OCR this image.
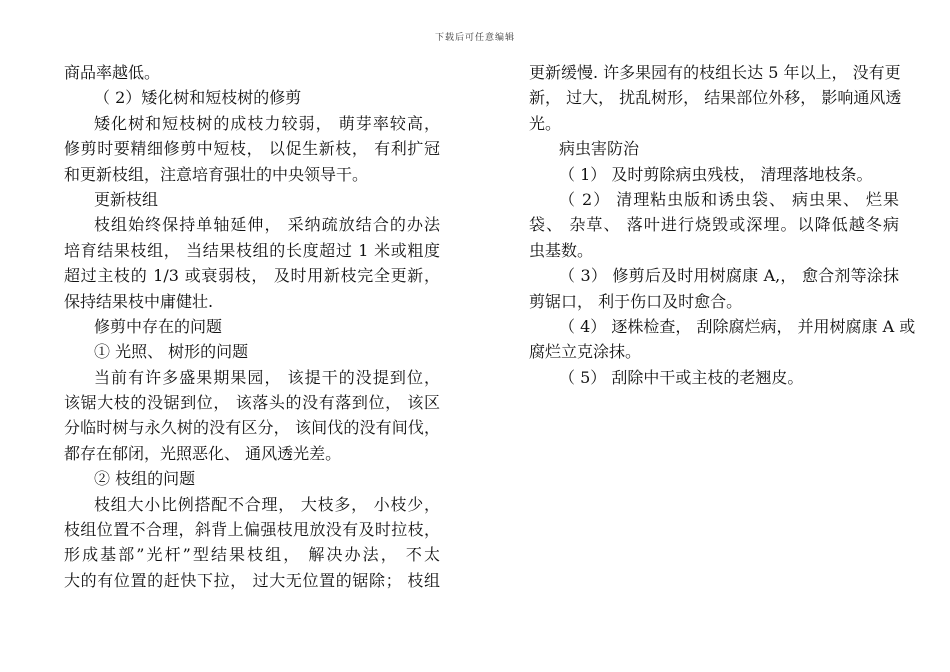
下载后可任意编辑
商品率越低。
（ 2）矮化树和短枝树的修剪
矮化树和短枝树的成枝力较弱， 萌芽率较高，
修剪时要精细修剪中短枝， 以促生新枝， 有利扩冠
和更新枝组，注意培育强壮的中央领导干。
更新枝组
枝组始终保持单轴延伸， 采纳疏放结合的办法
培育结果枝组， 当结果枝组的长度超过 1 米或粗度
超过主枝的 1/3 或衰弱枝， 及时用新枝完全更新，
保持结果枝中庸健壮.
修剪中存在的问题
① 光照、 树形的问题
当前有许多盛果期果园， 该提干的没提到位，
该锯大枝的没锯到位， 该落头的没有落到位， 该区
分临时树与永久树的没有区分， 该间伐的没有间伐，
都存在郁闭，光照恶化、 通风透光差。
② 枝组的问题
枝组大小比例搭配不合理， 大枝多， 小枝少，
枝组位置不合理，斜背上偏强枝甩放没有及时拉枝，
形成基部”光杆”型结果枝组， 解决办法， 不太
大的有位置的赶快下拉， 过大无位置的锯除； 枝组
更新缓慢. 许多果园有的枝组长达 5 年以上， 没有更
新， 过大， 扰乱树形， 结果部位外移， 影响通风透
光。
病虫害防治
（ 1） 及时剪除病虫残枝， 清理落地枝条。
（ 2） 清理粘虫版和诱虫袋、 病虫果、 烂果
袋、 杂草、 落叶进行烧毁或深埋。以降低越冬病
虫基数。
（ 3） 修剪后及时用树腐康 A,， 愈合剂等涂抹
剪锯口， 利于伤口及时愈合。
（ 4） 逐株检查， 刮除腐烂病， 并用树腐康 A 或
腐烂立克涂抹。
（ 5） 刮除中干或主枝的老翘皮。
